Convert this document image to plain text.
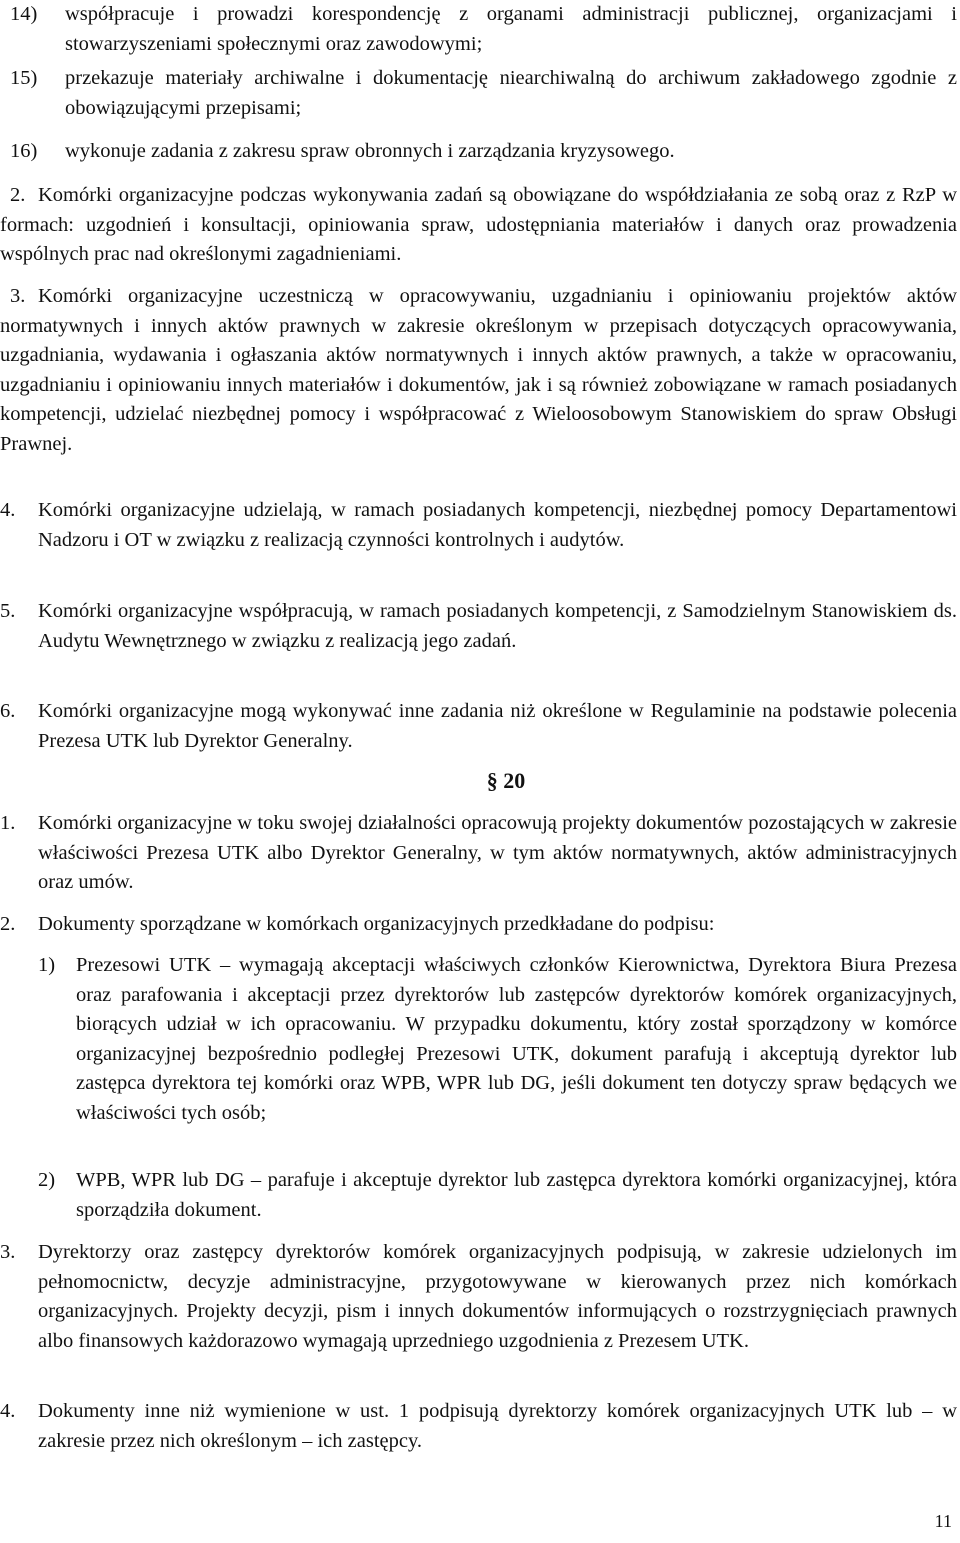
14) współpracuje i prowadzi korespondencję z organami administracji publicznej, organizacjami i stowarzyszeniami społecznymi oraz zawodowymi;
15) przekazuje materiały archiwalne i dokumentację niearchiwalną do archiwum zakładowego zgodnie z obowiązującymi przepisami;
16) wykonuje zadania z zakresu spraw obronnych i zarządzania kryzysowego.
2. Komórki organizacyjne podczas wykonywania zadań są obowiązane do współdziałania ze sobą oraz z RzP w formach: uzgodnień i konsultacji, opiniowania spraw, udostępniania materiałów i danych oraz prowadzenia wspólnych prac nad określonymi zagadnieniami.
3. Komórki organizacyjne uczestniczą w opracowywaniu, uzgadnianiu i opiniowaniu projektów aktów normatywnych i innych aktów prawnych w zakresie określonym w przepisach dotyczących opracowywania, uzgadniania, wydawania i ogłaszania aktów normatywnych i innych aktów prawnych, a także w opracowaniu, uzgadnianiu i opiniowaniu innych materiałów i dokumentów, jak i są również zobowiązane w ramach posiadanych kompetencji, udzielać niezbędnej pomocy i współpracować z Wieloosobowym Stanowiskiem do spraw Obsługi Prawnej.
4. Komórki organizacyjne udzielają, w ramach posiadanych kompetencji, niezbędnej pomocy Departamentowi Nadzoru i OT w związku z realizacją czynności kontrolnych i audytów.
5. Komórki organizacyjne współpracują, w ramach posiadanych kompetencji, z Samodzielnym Stanowiskiem ds. Audytu Wewnętrznego w związku z realizacją jego zadań.
6. Komórki organizacyjne mogą wykonywać inne zadania niż określone w Regulaminie na podstawie polecenia Prezesa UTK lub Dyrektor Generalny.
§ 20
1. Komórki organizacyjne w toku swojej działalności opracowują projekty dokumentów pozostających w zakresie właściwości Prezesa UTK albo Dyrektor Generalny, w tym aktów normatywnych, aktów administracyjnych oraz umów.
2. Dokumenty sporządzane w komórkach organizacyjnych przedkładane do podpisu:
1) Prezesowi UTK – wymagają akceptacji właściwych członków Kierownictwa, Dyrektora Biura Prezesa oraz parafowania i akceptacji przez dyrektorów lub zastępców dyrektorów komórek organizacyjnych, biorących udział w ich opracowaniu. W przypadku dokumentu, który został sporządzony w komórce organizacyjnej bezpośrednio podległej Prezesowi UTK, dokument parafują i akceptują dyrektor lub zastępca dyrektora tej komórki oraz WPB, WPR lub DG, jeśli dokument ten dotyczy spraw będących we właściwości tych osób;
2) WPB, WPR lub DG – parafuje i akceptuje dyrektor lub zastępca dyrektora komórki organizacyjnej, która sporządziła dokument.
3. Dyrektorzy oraz zastępcy dyrektorów komórek organizacyjnych podpisują, w zakresie udzielonych im pełnomocnictw, decyzje administracyjne, przygotowywane w kierowanych przez nich komórkach organizacyjnych. Projekty decyzji, pism i innych dokumentów informujących o rozstrzygnięciach prawnych albo finansowych każdorazowo wymagają uprzedniego uzgodnienia z Prezesem UTK.
4. Dokumenty inne niż wymienione w ust. 1 podpisują dyrektorzy komórek organizacyjnych UTK lub – w zakresie przez nich określonym – ich zastępcy.
11
